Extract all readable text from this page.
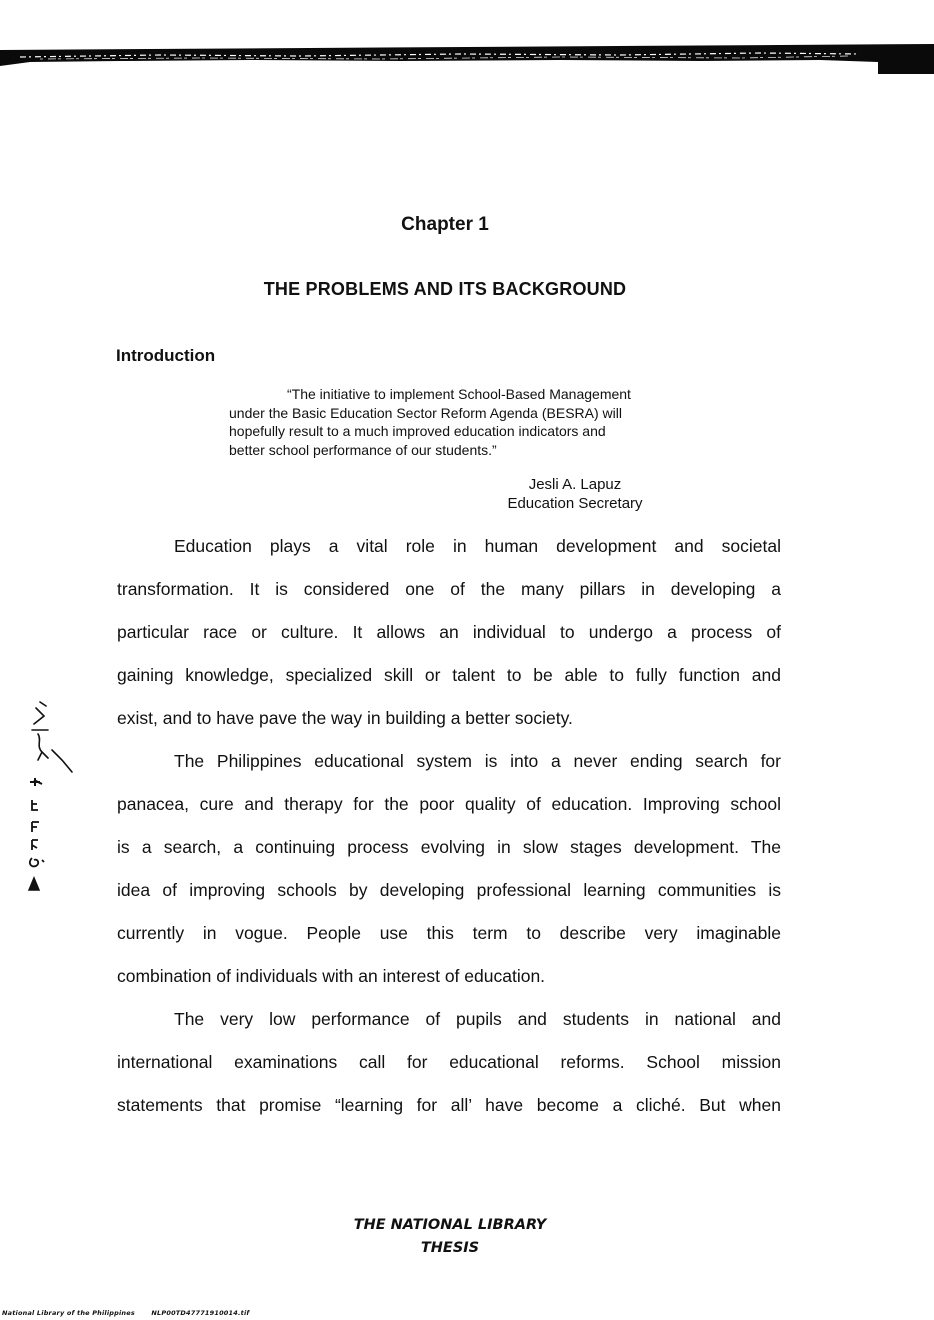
Chapter 1
THE PROBLEMS AND ITS BACKGROUND
Introduction
“The initiative to implement School-Based Management
under the Basic Education Sector Reform Agenda (BESRA) will
hopefully result to a much improved education indicators and
better school performance of our students.”
Jesli A. Lapuz
Education Secretary
Education plays a vital role in human development and societal
transformation. It is considered one of the many pillars in developing a
particular race or culture. It allows an individual to undergo a process of
gaining knowledge, specialized skill or talent to be able to fully function and
exist, and to have pave the way in building a better society.
The Philippines educational system is into a never ending search for
panacea, cure and therapy for the poor quality of education. Improving school
is a search, a continuing process evolving in slow stages development. The
idea of improving schools by developing professional learning communities is
currently in vogue. People use this term to describe very imaginable
combination of individuals with an interest of education.
The very low performance of pupils and students in national and
international examinations call for educational reforms. School mission
statements that promise “learning for all’ have become a cliché. But when
THE NATIONAL LIBRARY
THESIS
National Library of the Philippines	NLP00TD47771910014.tif
